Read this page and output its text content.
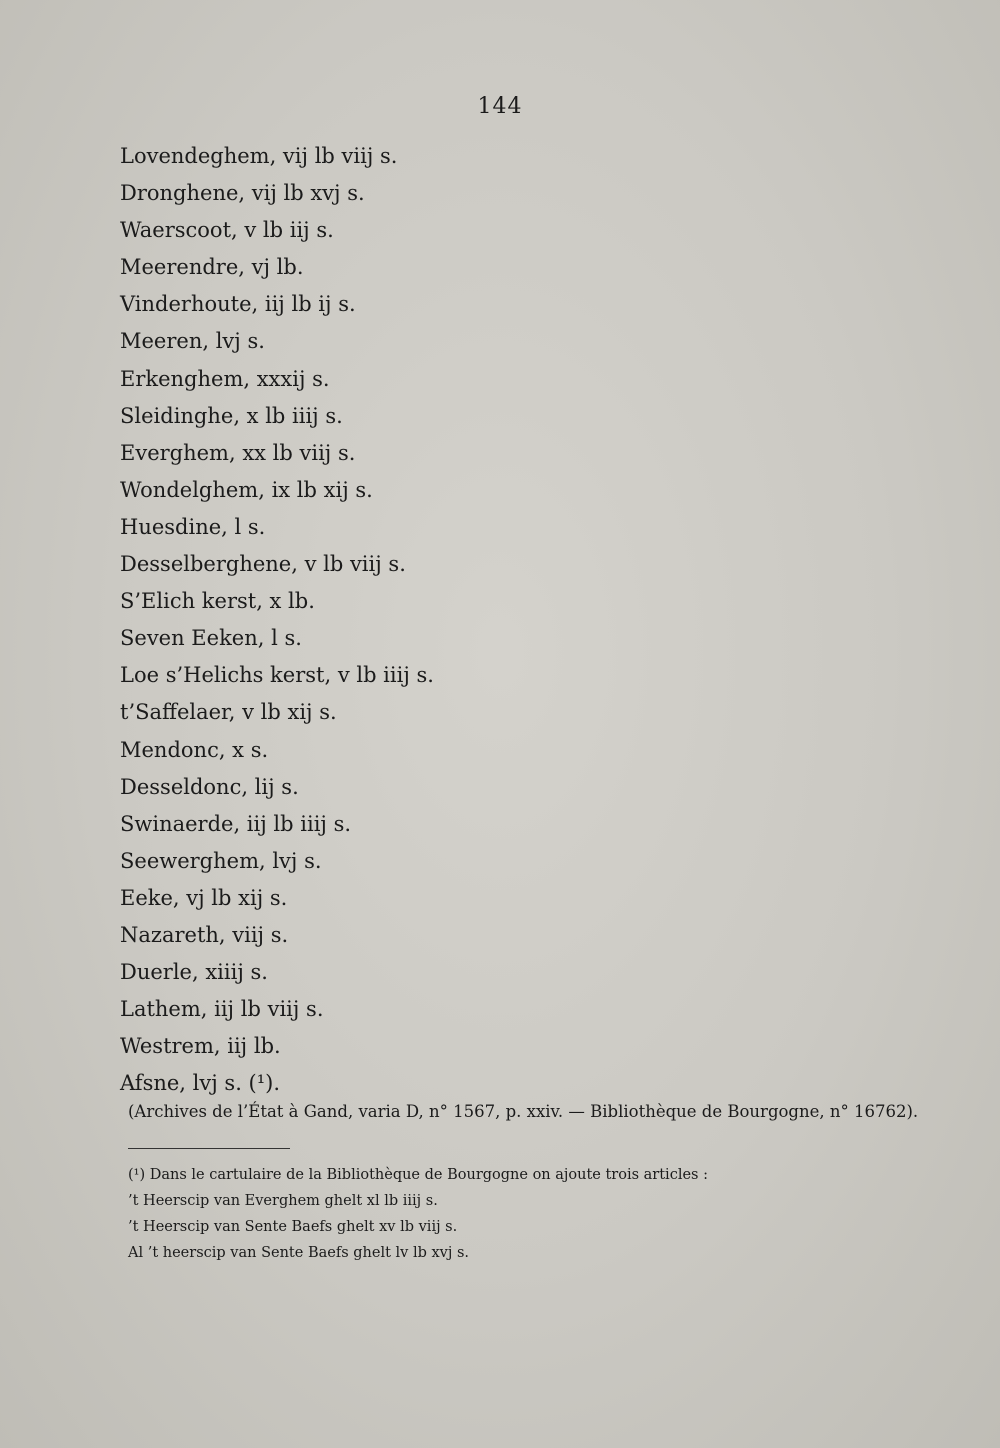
144
Lovendeghem, vij lb viij s.
Dronghene, vij lb xvj s.
Waerscoot, v lb iij s.
Meerendre, vj lb.
Vinderhoute, iij lb ij s.
Meeren, lvj s.
Erkenghem, xxxij s.
Sleidinghe, x lb iiij s.
Everghem, xx lb viij s.
Wondelghem, ix lb xij s.
Huesdine, l s.
Desselberghene, v lb viij s.
S’Elich kerst, x lb.
Seven Eeken, l s.
Loe s’Helichs kerst, v lb iiij s.
t’Saffelaer, v lb xij s.
Mendonc, x s.
Desseldonc, lij s.
Swinaerde, iij lb iiij s.
Seewerghem, lvj s.
Eeke, vj lb xij s.
Nazareth, viij s.
Duerle, xiiij s.
Lathem, iij lb viij s.
Westrem, iij lb.
Afsne, lvj s. (¹).
(Archives de l’État à Gand, varia D, n° 1567, p. xxiv. — Bibliothèque de Bourgogne, n° 16762).
(¹) Dans le cartulaire de la Bibliothèque de Bourgogne on ajoute trois articles :
’t Heerscip van Everghem ghelt xl lb iiij s.
’t Heerscip van Sente Baefs ghelt xv lb viij s.
Al ’t heerscip van Sente Baefs ghelt lv lb xvj s.
